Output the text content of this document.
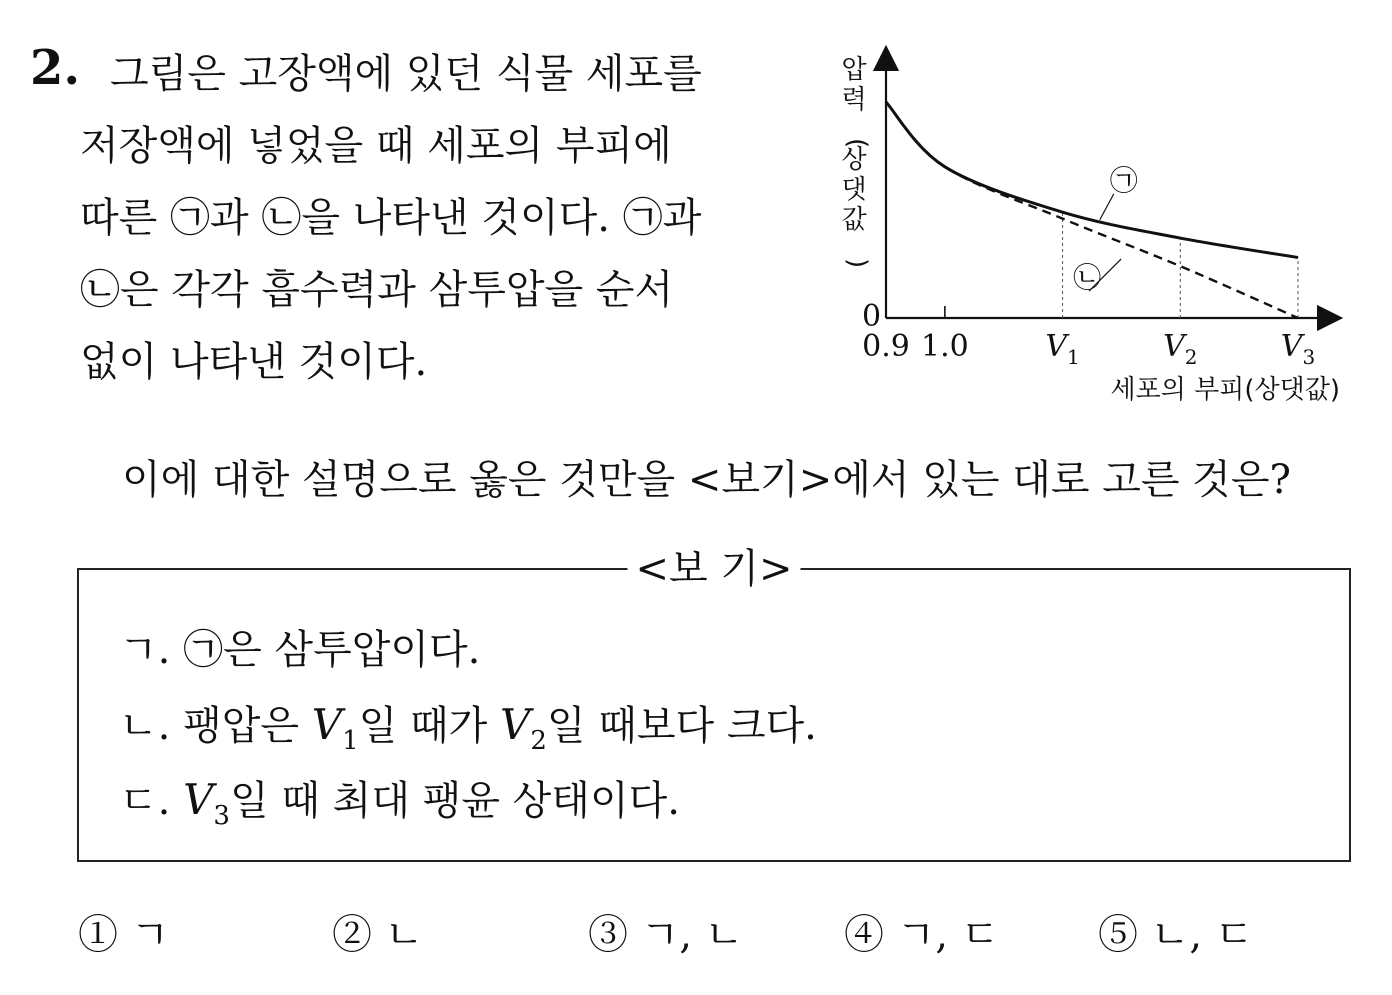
2. 그림은 고장액에 있던 식물 세포를
저장액에 넣었을 때 세포의 부피에
따른 ㉠과 ㉡을 나타낸 것이다. ㉠과
㉡은 각각 흡수력과 삼투압을 순서
없이 나타낸 것이다.
㉠
㉡
0
0.9 1.0	$V_1$	$V_2$	$V_3$
세포의 부피(상댓값)
압 력 ( 상 댓 값 )
이에 대한 설명으로 옳은 것만을 <보기>에서 있는 대로 고른 것은?
<보 기>
ㄱ. ㉠은 삼투압이다.
ㄴ. 팽압은 $V_1$일 때가 $V_2$일 때보다 크다.
ㄷ. $V_3$일 때 최대 팽윤 상태이다.
① ㄱ	② ㄴ	③ ㄱ, ㄴ	④ ㄱ, ㄷ ⑤ ㄴ, ㄷ
